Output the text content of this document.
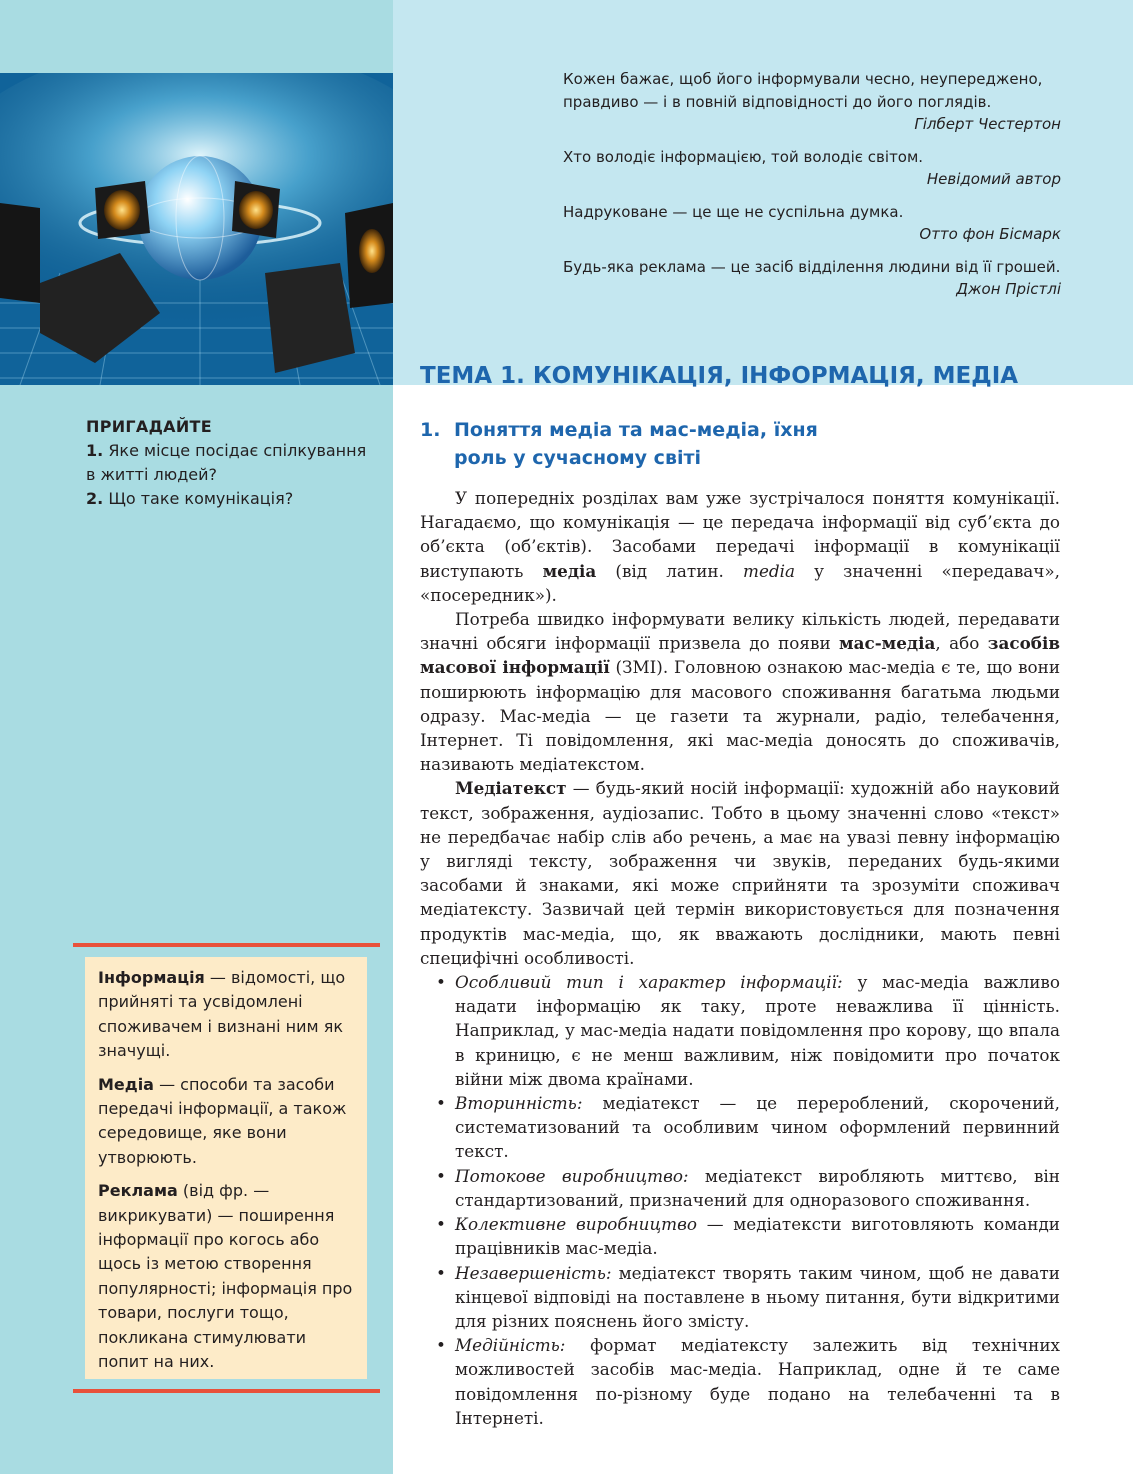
Кожен бажає, щоб його інформували чесно, неупереджено, правдиво — і в повній відповідності до його поглядів.
Гілберт Честертон
Хто володіє інформацією, той володіє світом.
Невідомий автор
Надруковане — це ще не суспільна думка.
Отто фон Бісмарк
Будь-яка реклама — це засіб відділення людини від її грошей.
Джон Прістлі
ТЕМА 1. КОМУНІКАЦІЯ, ІНФОРМАЦІЯ, МЕДІА
ПРИГАДАЙТЕ
1. Яке місце посідає спілкування в житті людей?
2. Що таке комунікація?
1. Поняття медіа та мас-медіа, їхня роль у сучасному світі

У попередніх розділах вам уже зустрічалося поняття комунікації. Нагадаємо, що комунікація — це передача інформації від суб’єкта до об’єкта (об’єктів). Засобами передачі інформації в комунікації виступають медіа (від латин. media у значенні «передавач», «посередник»).

Потреба швидко інформувати велику кількість людей, передавати значні обсяги інформації призвела до появи мас-медіа, або засобів масової інформації (ЗМІ). Головною ознакою мас-медіа є те, що вони поширюють інформацію для масового споживання багатьма людьми одразу. Мас-медіа — це газети та журнали, радіо, телебачення, Інтернет. Ті повідомлення, які мас-медіа доносять до споживачів, називають медіатекстом.

Медіатекст — будь-який носій інформації: художній або науковий текст, зображення, аудіозапис. Тобто в цьому значенні слово «текст» не передбачає набір слів або речень, а має на увазі певну інформацію у вигляді тексту, зображення чи звуків, переданих будь-якими засобами й знаками, які може сприйняти та зрозуміти споживач медіатексту. Зазвичай цей термін використовується для позначення продуктів мас-медіа, що, як вважають дослідники, мають певні специфічні особливості.

• Особливий тип і характер інформації: у мас-медіа важливо надати інформацію як таку, проте неважлива її цінність. Наприклад, у мас-медіа надати повідомлення про корову, що впала в криницю, є не менш важливим, ніж повідомити про початок війни між двома країнами.
• Вторинність: медіатекст — це перероблений, скорочений, систематизований та особливим чином оформлений первинний текст.
• Потокове виробництво: медіатекст виробляють миттєво, він стандартизований, призначений для одноразового споживання.
• Колективне виробництво — медіатексти виготовляють команди працівників мас-медіа.
• Незавершеність: медіатекст творять таким чином, щоб не давати кінцевої відповіді на поставлене в ньому питання, бути відкритими для різних пояснень його змісту.
• Медійність: формат медіатексту залежить від технічних можливостей засобів мас-медіа. Наприклад, одне й те саме повідомлення по-різному буде подано на телебаченні та в Інтернеті.

Інформація — відомості, що прийняті та усвідомлені споживачем і визнані ним як значущі.

Медіа — способи та засоби передачі інформації, а також середовище, яке вони утворюють.

Реклама (від фр. — викрикувати) — поширення інформації про когось або щось із метою створення популярності; інформація про товари, послуги тощо, покликана стимулювати попит на них.
